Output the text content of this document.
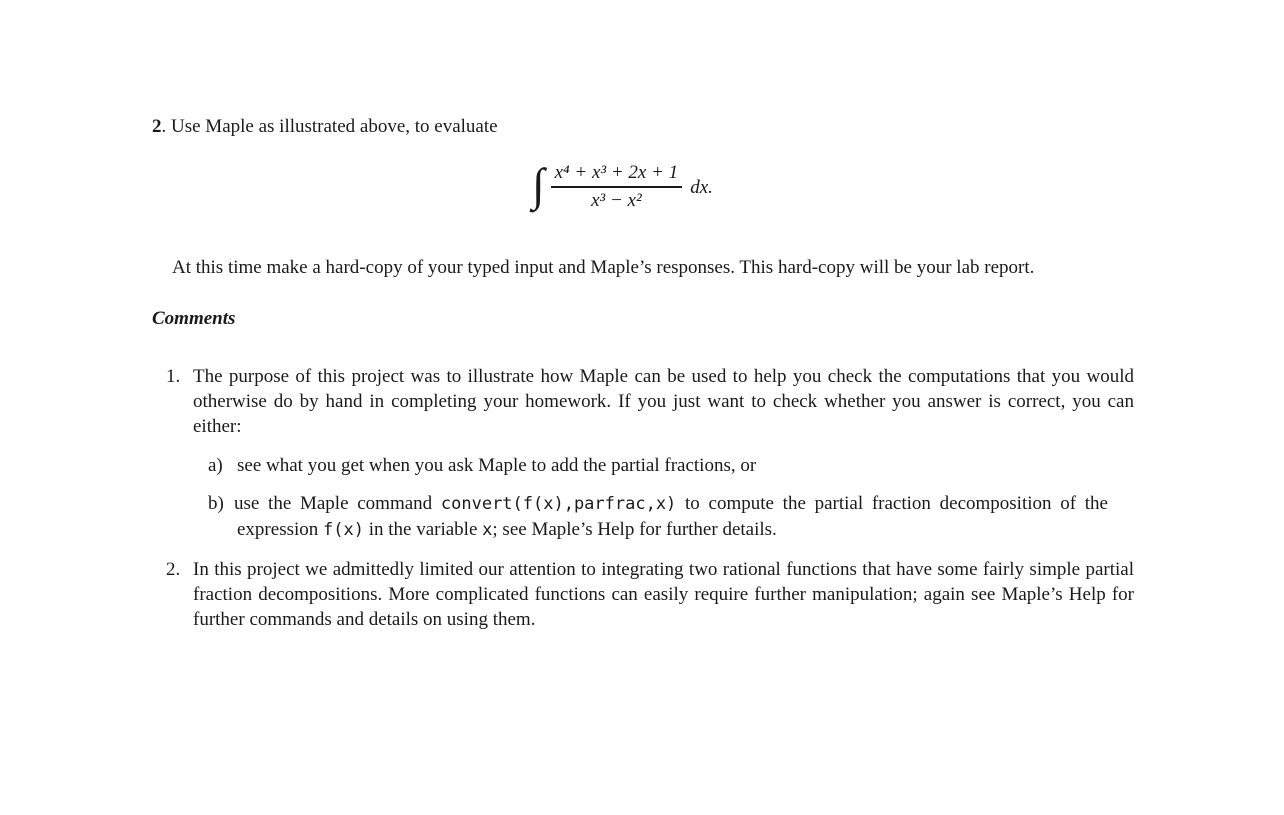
2. Use Maple as illustrated above, to evaluate

∫ $\frac{\text{x⁴ + x³ + 2x + 1}}{\text{x³ − x²}}$ dx.

At this time make a hard-copy of your typed input and Maple’s responses. This hard-copy will be your lab report.

Comments
1. The purpose of this project was to illustrate how Maple can be used to help you check the computations that you would otherwise do by hand in completing your homework. If you just want to check whether you answer is correct, you can either:
a) see what you get when you ask Maple to add the partial fractions, or
b) use the Maple command convert(f(x),parfrac,x) to compute the partial fraction decomposition of the expression f(x) in the variable x; see Maple’s Help for further details.
2. In this project we admittedly limited our attention to integrating two rational functions that have some fairly simple partial fraction decompositions. More complicated functions can easily require further manipulation; again see Maple’s Help for further commands and details on using them.
